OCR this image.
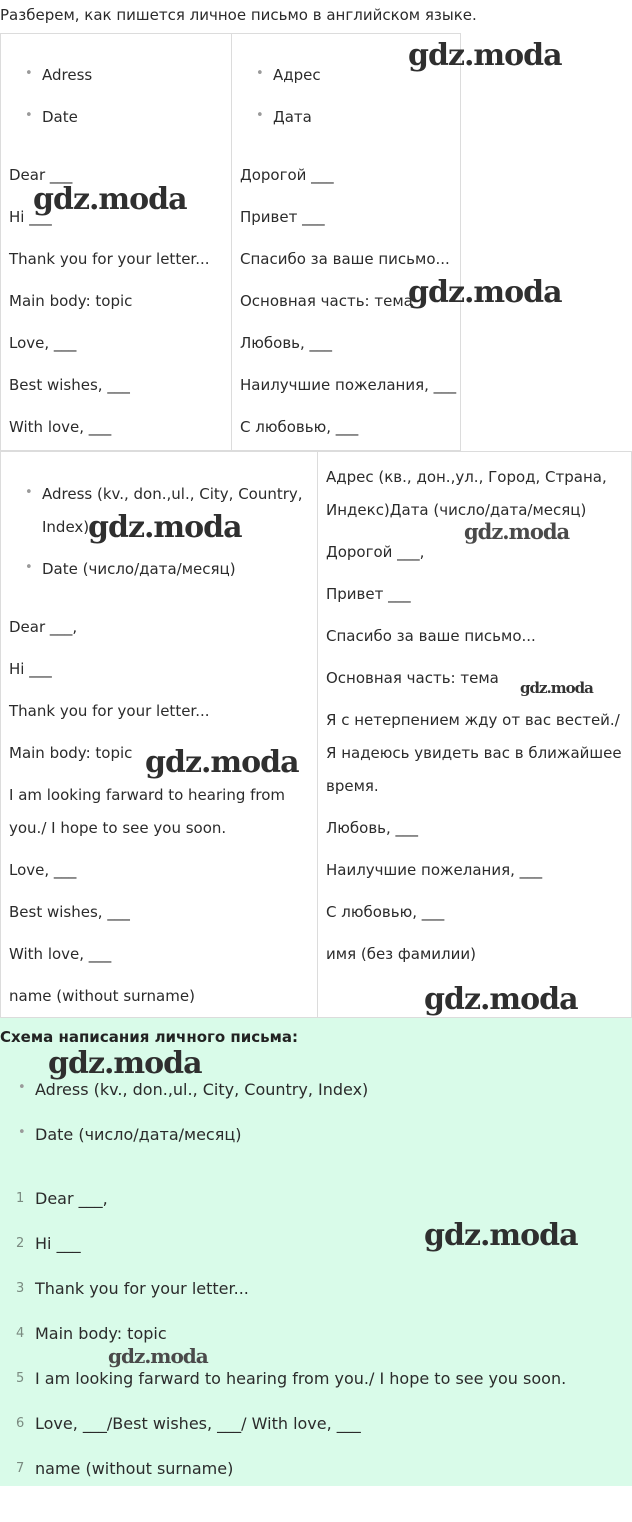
Разберем, как пишется личное письмо в английском языке.
• Adress
• Date
Dear ___
Hi ___
Thank you for your letter...
Main body: topic
Love, ___
Best wishes, ___
With love, ___
• Адрес
• Дата
Дорогой ___
Привет ___
Спасибо за ваше письмо...
Основная часть: тема
Любовь, ___
Наилучшие пожелания, ___
С любовью, ___
• Adress (kv., don.,ul., City, Country,
Index)
• Date (число/дата/месяц)
Dear ___,
Hi ___
Thank you for your letter...
Main body: topic
I am looking farward to hearing from
you./ I hope to see you soon.
Love, ___
Best wishes, ___
With love, ___
name (without surname)
Адрес (кв., дон.,ул., Город, Страна,
Индекс)Дата (число/дата/месяц)
Дорогой ___,
Привет ___
Спасибо за ваше письмо...
Основная часть: тема
Я с нетерпением жду от вас вестей./
Я надеюсь увидеть вас в ближайшее
время.
Любовь, ___
Наилучшие пожелания, ___
С любовью, ___
имя (без фамилии)
Схема написания личного письма:
• Adress (kv., don.,ul., City, Country, Index)
• Date (число/дата/месяц)
1 Dear ___,
2 Hi ___
3 Thank you for your letter...
4 Main body: topic
5 I am looking farward to hearing from you./ I hope to see you soon.
6 Love, ___/Best wishes, ___/ With love, ___
7 name (without surname)
gdz.moda
gdz.moda
gdz.moda
gdz.moda	gdz.moda
gdz.moda
gdz.moda
gdz.moda
gdz.moda
gdz.moda
gdz.moda
